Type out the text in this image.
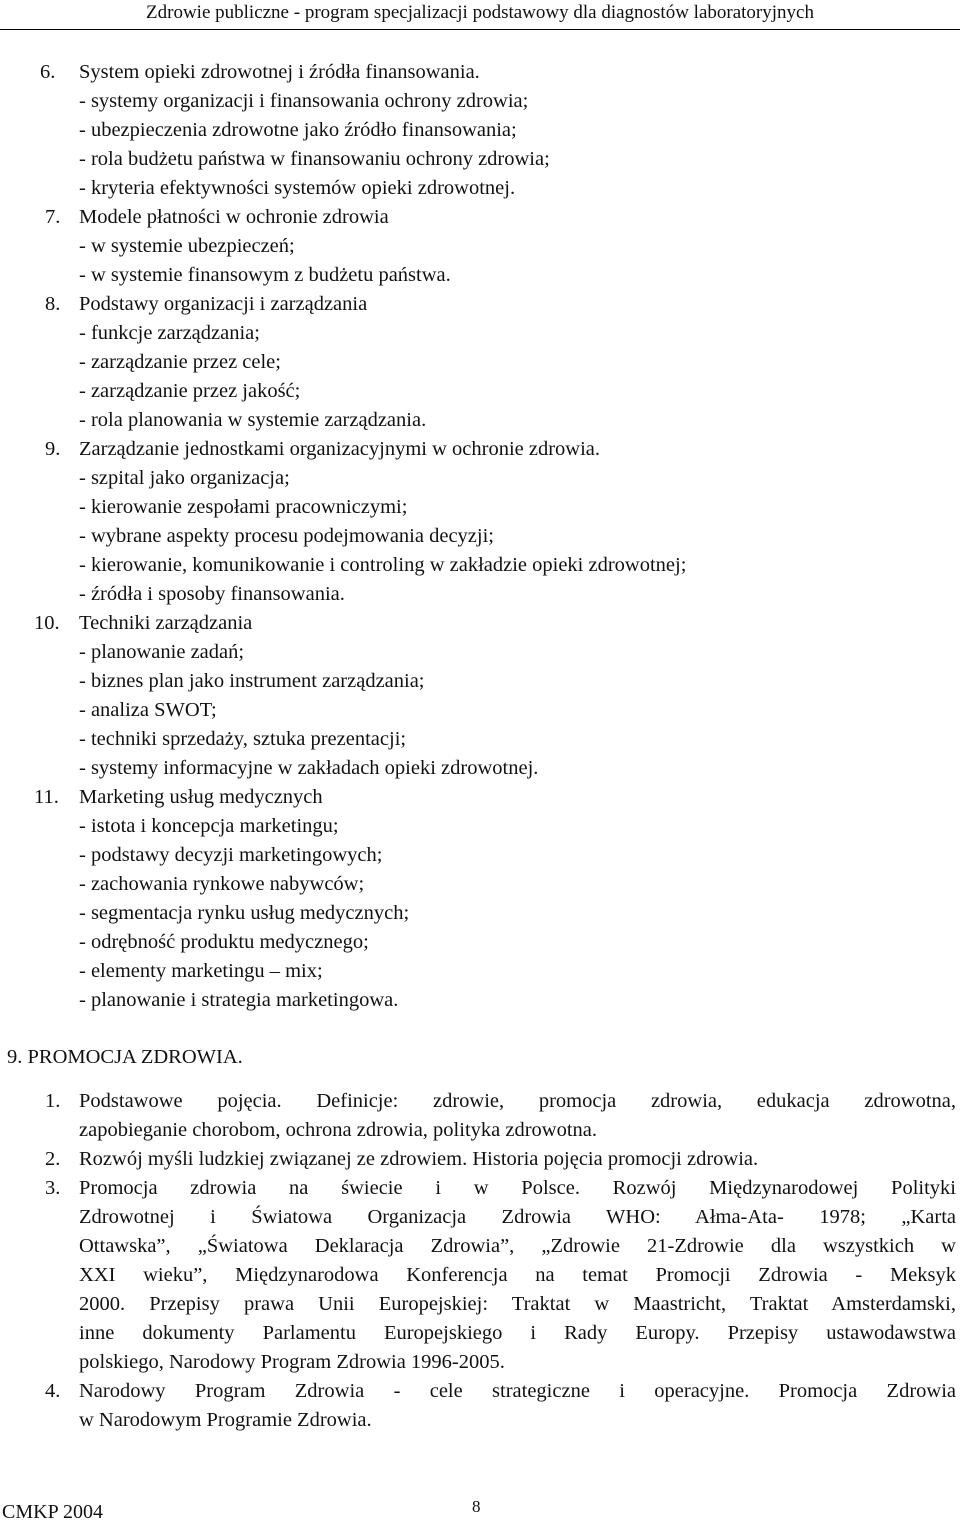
Zdrowie publiczne - program specjalizacji podstawowy dla diagnostów laboratoryjnych
6. System opieki zdrowotnej i źródła finansowania.
- systemy organizacji i finansowania ochrony zdrowia;
- ubezpieczenia zdrowotne jako źródło finansowania;
- rola budżetu państwa w finansowaniu ochrony zdrowia;
- kryteria efektywności systemów opieki zdrowotnej.
7. Modele płatności w ochronie zdrowia
- w systemie ubezpieczeń;
- w systemie finansowym z budżetu państwa.
8. Podstawy organizacji i zarządzania
- funkcje zarządzania;
- zarządzanie przez cele;
- zarządzanie przez jakość;
- rola planowania w systemie zarządzania.
9. Zarządzanie jednostkami organizacyjnymi w ochronie zdrowia.
- szpital jako organizacja;
- kierowanie zespołami pracowniczymi;
- wybrane aspekty procesu podejmowania decyzji;
- kierowanie, komunikowanie i controling w zakładzie opieki zdrowotnej;
- źródła i sposoby finansowania.
10. Techniki zarządzania
- planowanie zadań;
- biznes plan jako instrument zarządzania;
- analiza SWOT;
- techniki sprzedaży, sztuka prezentacji;
- systemy informacyjne w zakładach opieki zdrowotnej.
11. Marketing usług medycznych
- istota i koncepcja marketingu;
- podstawy decyzji marketingowych;
- zachowania rynkowe nabywców;
- segmentacja rynku usług medycznych;
- odrębność produktu medycznego;
- elementy marketingu – mix;
- planowanie i strategia marketingowa.
9. PROMOCJA ZDROWIA.
1. Podstawowe pojęcia. Definicje: zdrowie, promocja zdrowia, edukacja zdrowotna,
zapobieganie chorobom, ochrona zdrowia, polityka zdrowotna.
2. Rozwój myśli ludzkiej związanej ze zdrowiem. Historia pojęcia promocji zdrowia.
3. Promocja zdrowia na świecie i w Polsce. Rozwój Międzynarodowej Polityki
Zdrowotnej i Światowa Organizacja Zdrowia WHO: Ałma-Ata- 1978; „Karta
Ottawska”, „Światowa Deklaracja Zdrowia”, „Zdrowie 21-Zdrowie dla wszystkich w
XXI wieku”, Międzynarodowa Konferencja na temat Promocji Zdrowia - Meksyk
2000. Przepisy prawa Unii Europejskiej: Traktat w Maastricht, Traktat Amsterdamski,
inne dokumenty Parlamentu Europejskiego i Rady Europy. Przepisy ustawodawstwa
polskiego, Narodowy Program Zdrowia 1996-2005.
4. Narodowy Program Zdrowia - cele strategiczne i operacyjne. Promocja Zdrowia
w Narodowym Programie Zdrowia.
CMKP 2004	8
